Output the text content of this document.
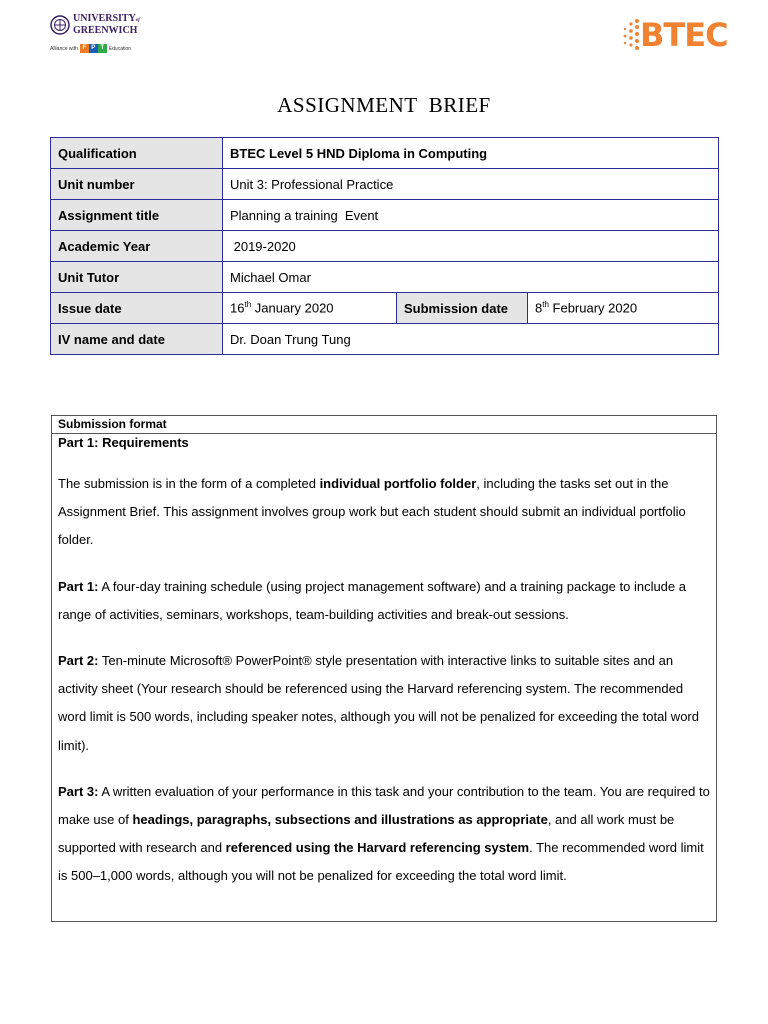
UNIVERSITYof
GREENWICH
Alliance with F P T Education	BTEC
ASSIGNMENT  BRIEF
Qualification	BTEC Level 5 HND Diploma in Computing		
Unit number	Unit 3: Professional Practice		
Assignment title	Planning a training  Event		
Academic Year	2019-2020		
Unit Tutor	Michael Omar		
Issue date	16th January 2020	Submission date	8th February 2020
IV name and date	Dr. Doan Trung Tung		
Submission format

Part 1: Requirements

The submission is in the form of a completed individual portfolio folder, including the tasks set out in the Assignment Brief. This assignment involves group work but each student should submit an individual portfolio folder.

Part 1: A four-day training schedule (using project management software) and a training package to include a range of activities, seminars, workshops, team-building activities and break-out sessions.

Part 2: Ten-minute Microsoft® PowerPoint® style presentation with interactive links to suitable sites and an activity sheet (Your research should be referenced using the Harvard referencing system. The recommended word limit is 500 words, including speaker notes, although you will not be penalized for exceeding the total word limit).

Part 3: A written evaluation of your performance in this task and your contribution to the team. You are required to make use of headings, paragraphs, subsections and illustrations as appropriate, and all work must be supported with research and referenced using the Harvard referencing system. The recommended word limit is 500–1,000 words, although you will not be penalized for exceeding the total word limit.
